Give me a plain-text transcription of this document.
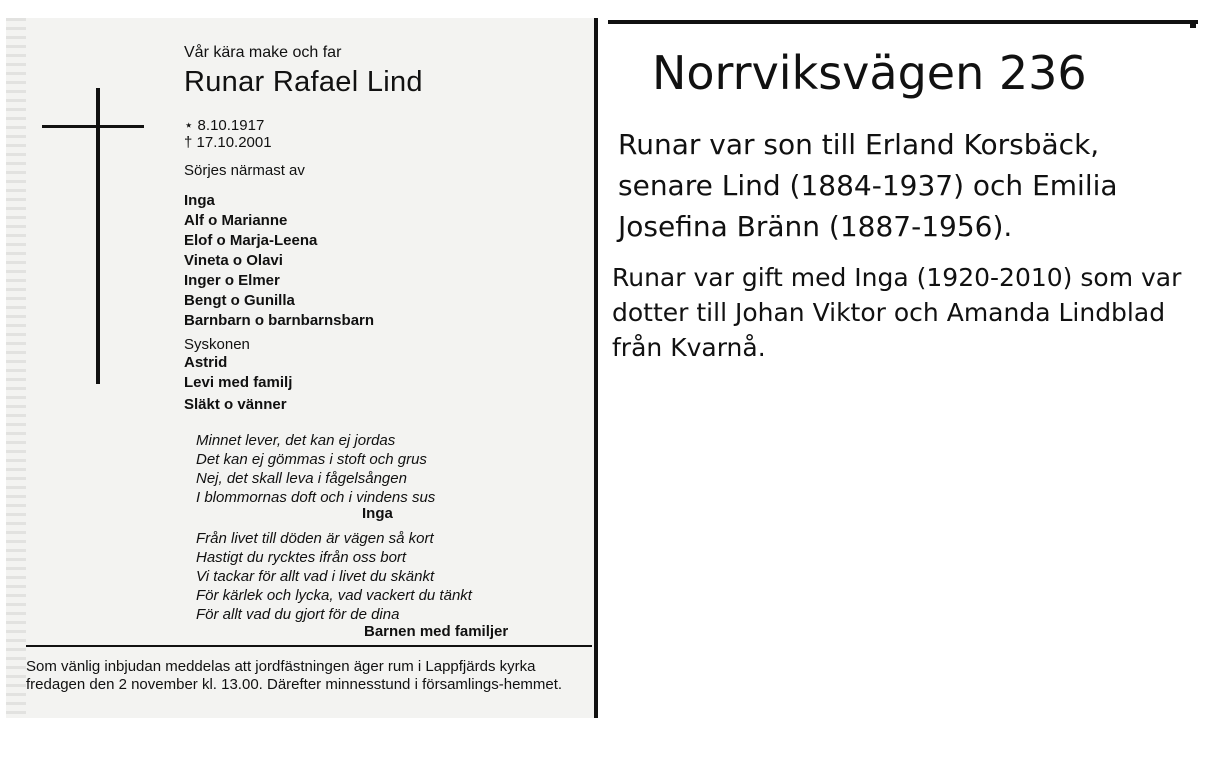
Vår kära make och far
Runar Rafael Lind
⋆ 8.10.1917
† 17.10.2001
Sörjes närmast av
Inga
Alf o Marianne
Elof o Marja-Leena
Vineta o Olavi
Inger o Elmer
Bengt o Gunilla
Barnbarn o barnbarnsbarn
Syskonen
Astrid
Levi med familj
Släkt o vänner
Minnet lever, det kan ej jordas
Det kan ej gömmas i stoft och grus
Nej, det skall leva i fågelsången
I blommornas doft och i vindens sus
Inga
Från livet till döden är vägen så kort
Hastigt du rycktes ifrån oss bort
Vi tackar för allt vad i livet du skänkt
För kärlek och lycka, vad vackert du tänkt
För allt vad du gjort för de dina
Barnen med familjer
Som vänlig inbjudan meddelas att jordfästningen äger rum i Lappfjärds kyrka fredagen den 2 november kl. 13.00. Därefter minnesstund i församlings-hemmet.
Norrviksvägen 236
Runar var son till Erland Korsbäck, senare Lind (1884-1937) och Emilia Josefina Bränn (1887-1956).
Runar var gift med Inga (1920-2010) som var dotter till Johan Viktor och Amanda Lindblad från Kvarnå.
